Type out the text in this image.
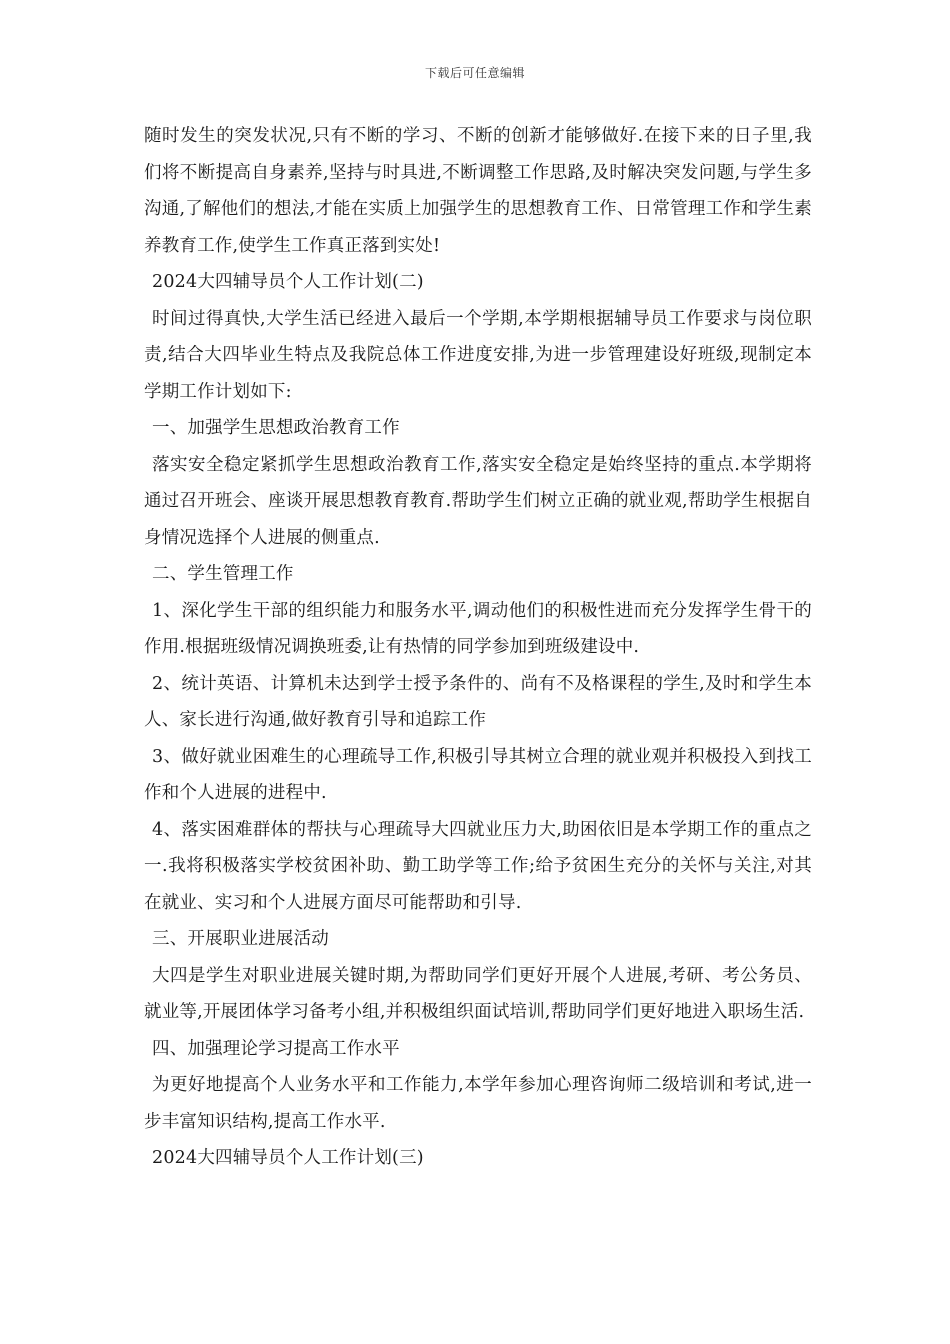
下载后可任意编辑

随时发生的突发状况,只有不断的学习、不断的创新才能够做好.在接下来的日子里,我们将不断提高自身素养,坚持与时具进,不断调整工作思路,及时解决突发问题,与学生多沟通,了解他们的想法,才能在实质上加强学生的思想教育工作、日常管理工作和学生素养教育工作,使学生工作真正落到实处!

2024大四辅导员个人工作计划(二)

时间过得真快,大学生活已经进入最后一个学期,本学期根据辅导员工作要求与岗位职责,结合大四毕业生特点及我院总体工作进度安排,为进一步管理建设好班级,现制定本学期工作计划如下:

一、加强学生思想政治教育工作

落实安全稳定紧抓学生思想政治教育工作,落实安全稳定是始终坚持的重点.本学期将通过召开班会、座谈开展思想教育教育.帮助学生们树立正确的就业观,帮助学生根据自身情况选择个人进展的侧重点.

二、学生管理工作

1、深化学生干部的组织能力和服务水平,调动他们的积极性进而充分发挥学生骨干的作用.根据班级情况调换班委,让有热情的同学参加到班级建设中.

2、统计英语、计算机未达到学士授予条件的、尚有不及格课程的学生,及时和学生本人、家长进行沟通,做好教育引导和追踪工作

3、做好就业困难生的心理疏导工作,积极引导其树立合理的就业观并积极投入到找工作和个人进展的进程中.

4、落实困难群体的帮扶与心理疏导大四就业压力大,助困依旧是本学期工作的重点之一.我将积极落实学校贫困补助、勤工助学等工作;给予贫困生充分的关怀与关注,对其在就业、实习和个人进展方面尽可能帮助和引导.

三、开展职业进展活动

大四是学生对职业进展关键时期,为帮助同学们更好开展个人进展,考研、考公务员、就业等,开展团体学习备考小组,并积极组织面试培训,帮助同学们更好地进入职场生活.

四、加强理论学习提高工作水平

为更好地提高个人业务水平和工作能力,本学年参加心理咨询师二级培训和考试,进一步丰富知识结构,提高工作水平.

2024大四辅导员个人工作计划(三)
